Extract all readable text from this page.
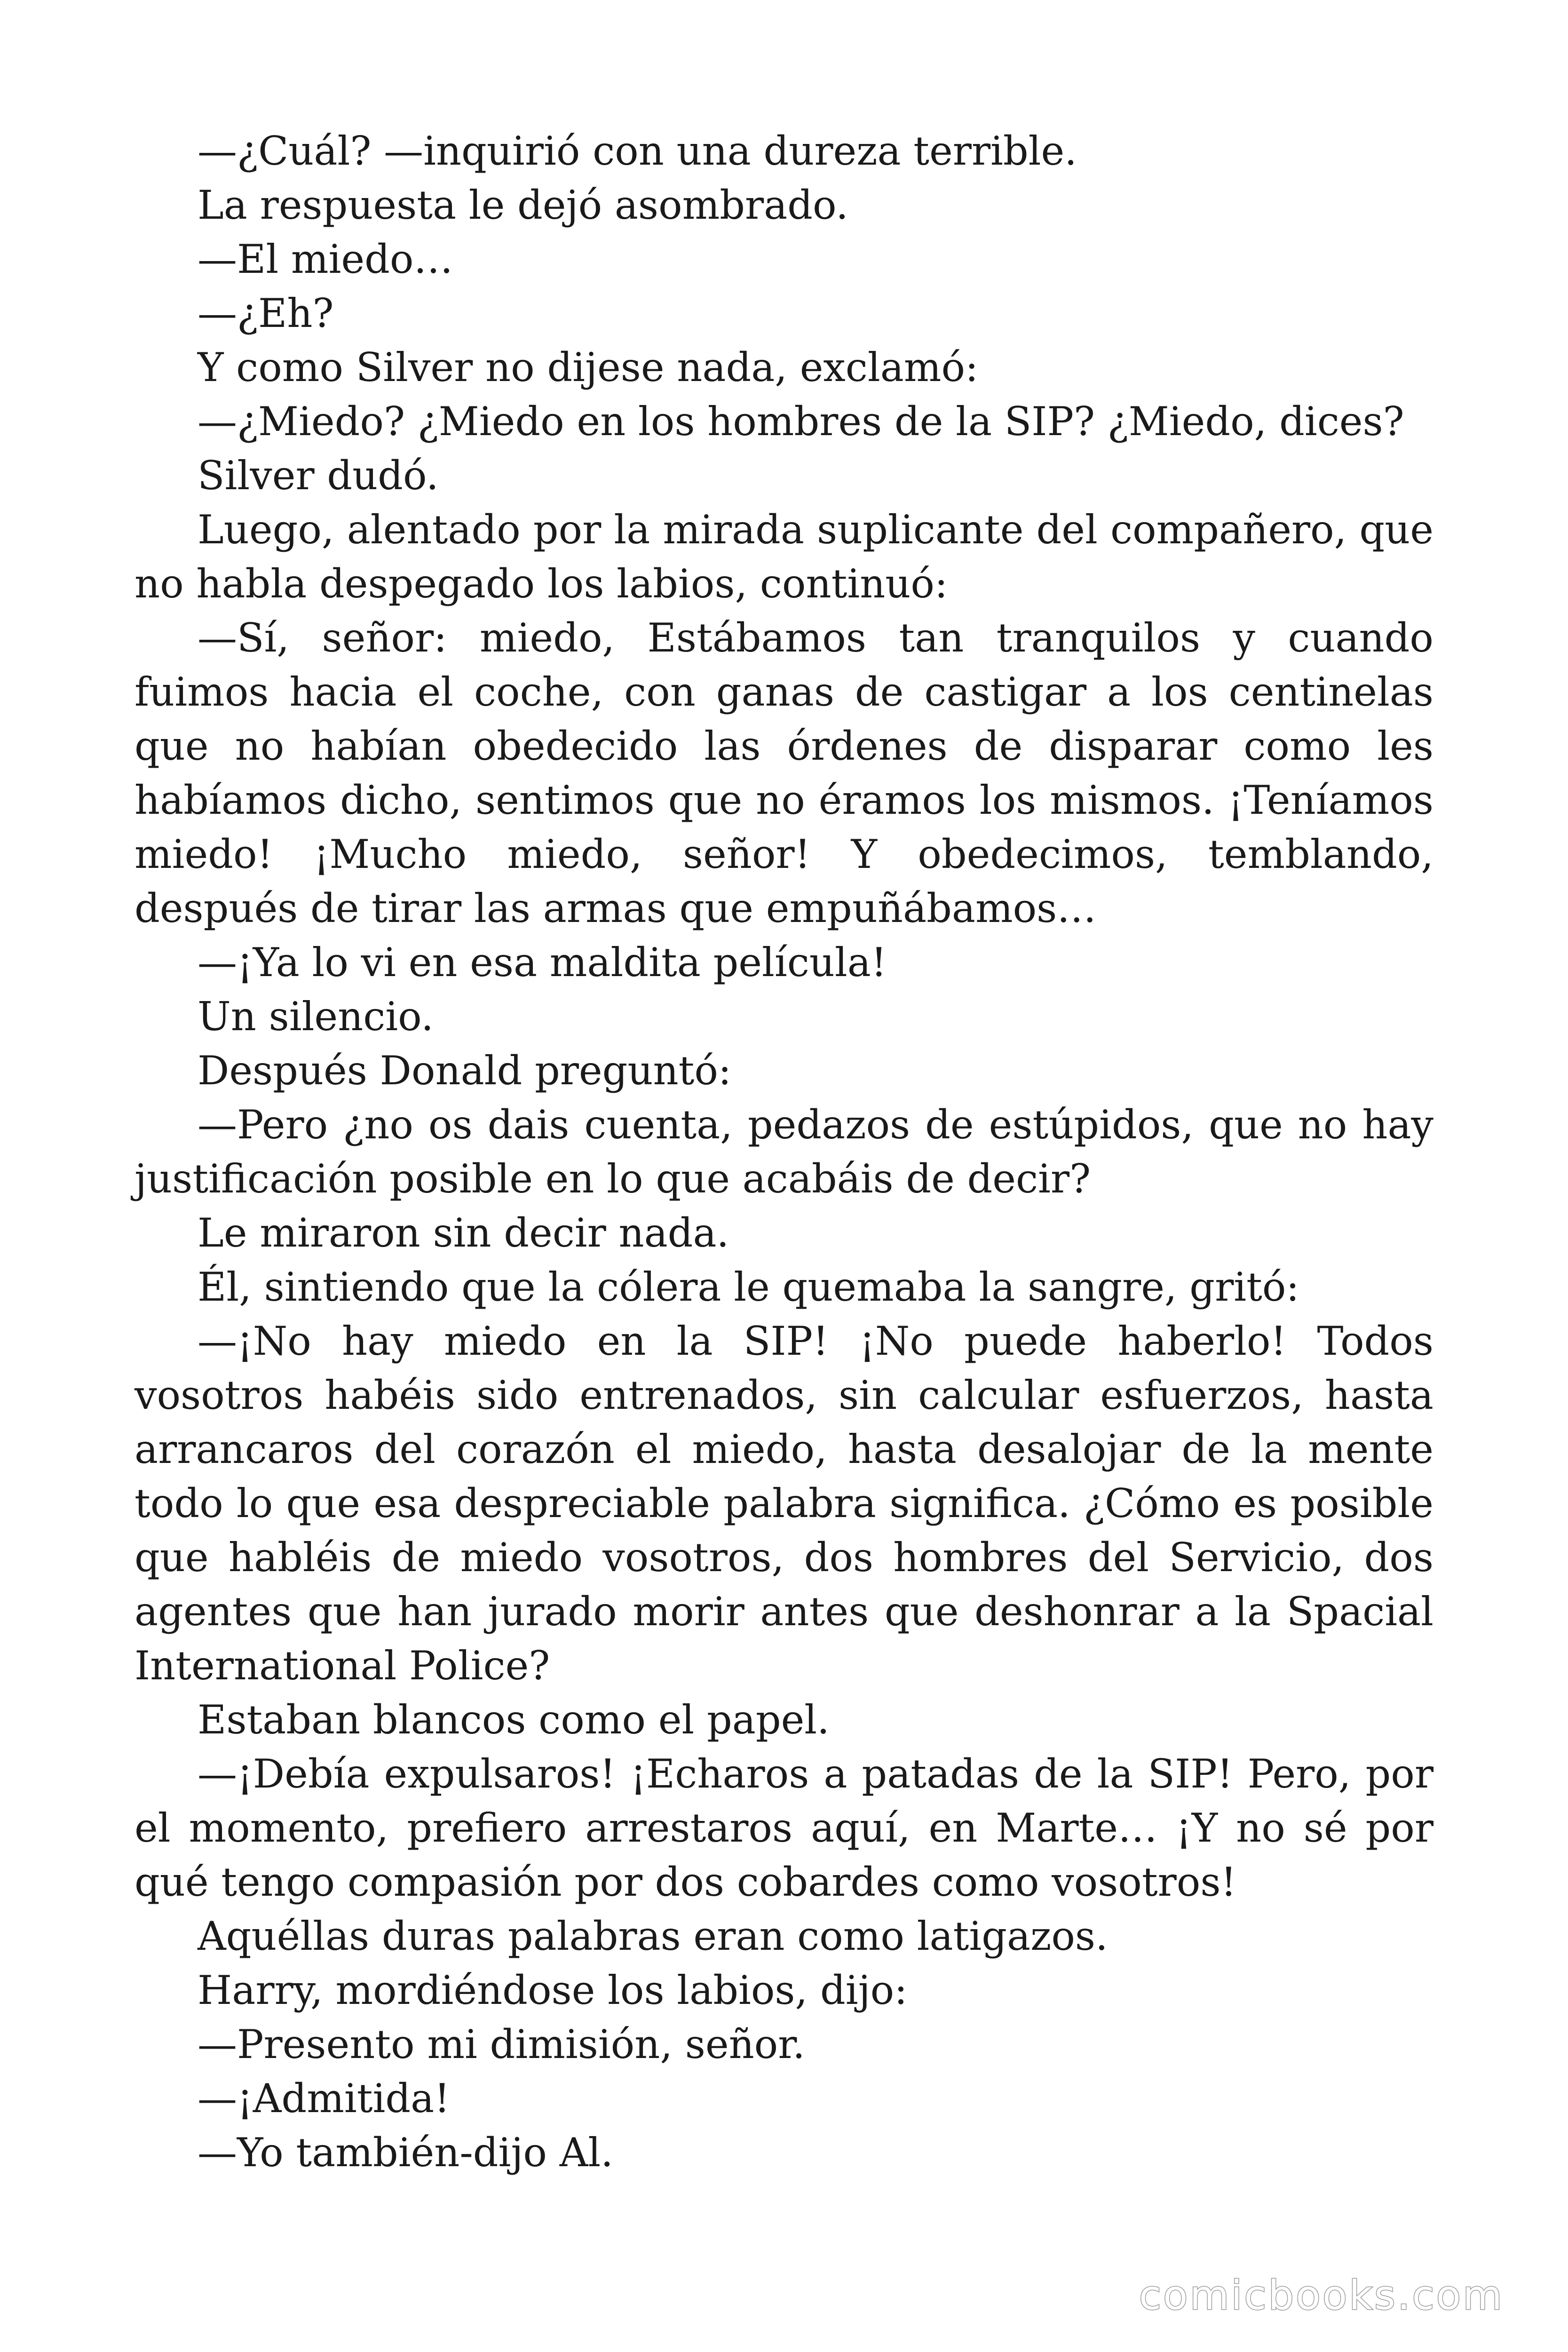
—¿Cuál? —inquirió con una dureza terrible.

La respuesta le dejó asombrado.

—El miedo…

—¿Eh?

Y como Silver no dijese nada, exclamó:

—¿Miedo? ¿Miedo en los hombres de la SIP? ¿Miedo, dices?

Silver dudó.

Luego, alentado por la mirada suplicante del compañero, que no habla despegado los labios, continuó:

—Sí, señor: miedo, Estábamos tan tranquilos y cuando fuimos hacia el coche, con ganas de castigar a los centinelas que no habían obedecido las órdenes de disparar como les habíamos dicho, sentimos que no éramos los mismos. ¡Teníamos miedo! ¡Mucho miedo, señor! Y obedecimos, temblando, después de tirar las armas que empuñábamos…

—¡Ya lo vi en esa maldita película!

Un silencio.

Después Donald preguntó:

—Pero ¿no os dais cuenta, pedazos de estúpidos, que no hay justificación posible en lo que acabáis de decir?

Le miraron sin decir nada.

Él, sintiendo que la cólera le quemaba la sangre, gritó:

—¡No hay miedo en la SIP! ¡No puede haberlo! Todos vosotros habéis sido entrenados, sin calcular esfuerzos, hasta arrancaros del corazón el miedo, hasta desalojar de la mente todo lo que esa despreciable palabra significa. ¿Cómo es posible que habléis de miedo vosotros, dos hombres del Servicio, dos agentes que han jurado morir antes que deshonrar a la Spacial International Police?

Estaban blancos como el papel.

—¡Debía expulsaros! ¡Echaros a patadas de la SIP! Pero, por el momento, prefiero arrestaros aquí, en Marte… ¡Y no sé por qué tengo compasión por dos cobardes como vosotros!

Aquéllas duras palabras eran como latigazos.

Harry, mordiéndose los labios, dijo:

—Presento mi dimisión, señor.

—¡Admitida!

—Yo también-dijo Al.

comicbooks.com
